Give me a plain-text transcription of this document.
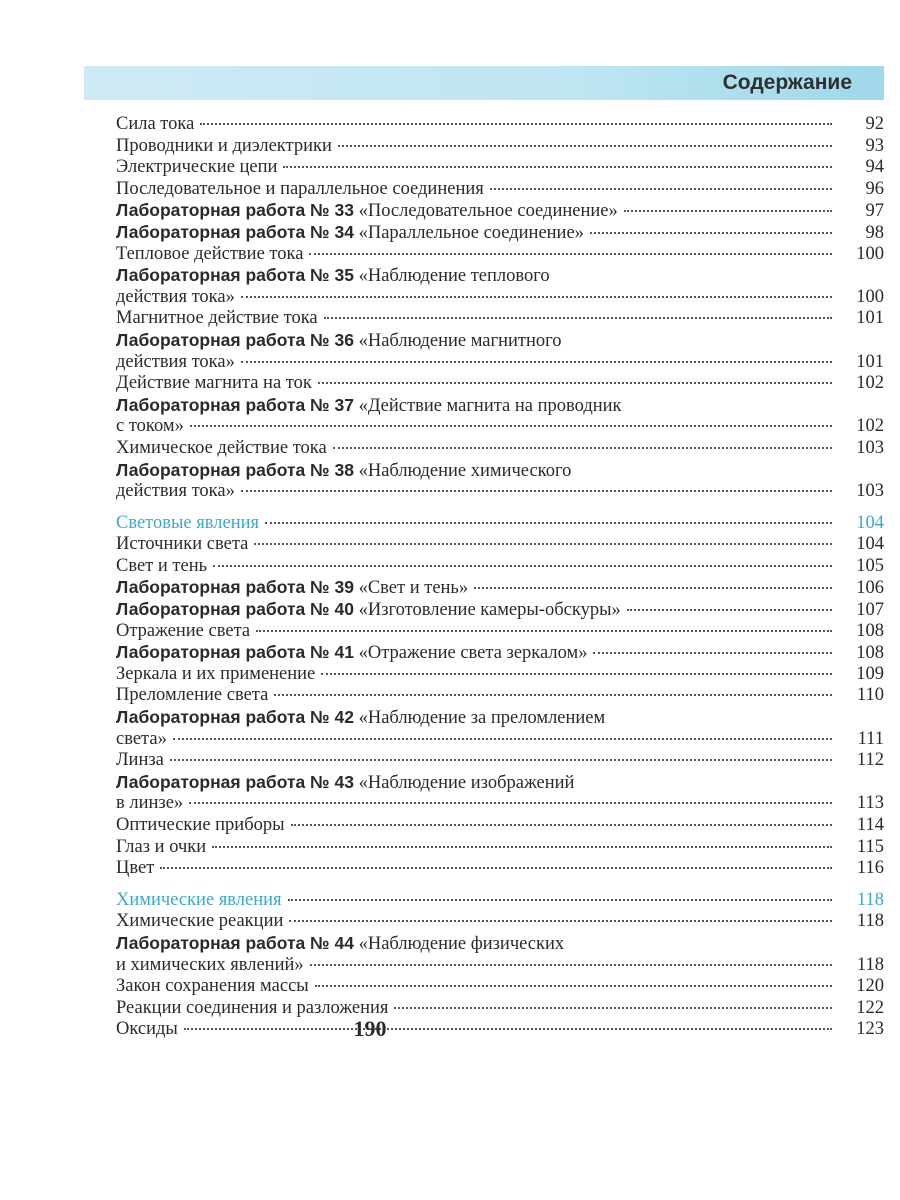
Содержание
Сила тока	92
Проводники и диэлектрики	93
Электрические цепи	94
Последовательное и параллельное соединения	96
Лабораторная работа № 33 «Последовательное соединение»	97
Лабораторная работа № 34 «Параллельное соединение»	98
Тепловое действие тока	100
Лабораторная работа № 35 «Наблюдение теплового
действия тока»	100
Магнитное действие тока	101
Лабораторная работа № 36 «Наблюдение магнитного
действия тока»	101
Действие магнита на ток	102
Лабораторная работа № 37 «Действие магнита на проводник
с током»	102
Химическое действие тока	103
Лабораторная работа № 38 «Наблюдение химического
действия тока»	103
Световые явления	104
Источники света	104
Свет и тень	105
Лабораторная работа № 39 «Свет и тень»	106
Лабораторная работа № 40 «Изготовление камеры-обскуры»	107
Отражение света	108
Лабораторная работа № 41 «Отражение света зеркалом»	108
Зеркала и их применение	109
Преломление света	110
Лабораторная работа № 42 «Наблюдение за преломлением
света»	111
Линза	112
Лабораторная работа № 43 «Наблюдение изображений
в линзе»	113
Оптические приборы	114
Глаз и очки	115
Цвет	116
Химические явления	118
Химические реакции	118
Лабораторная работа № 44 «Наблюдение физических
и химических явлений»	118
Закон сохранения массы	120
Реакции соединения и разложения	122
Оксиды	123
190
